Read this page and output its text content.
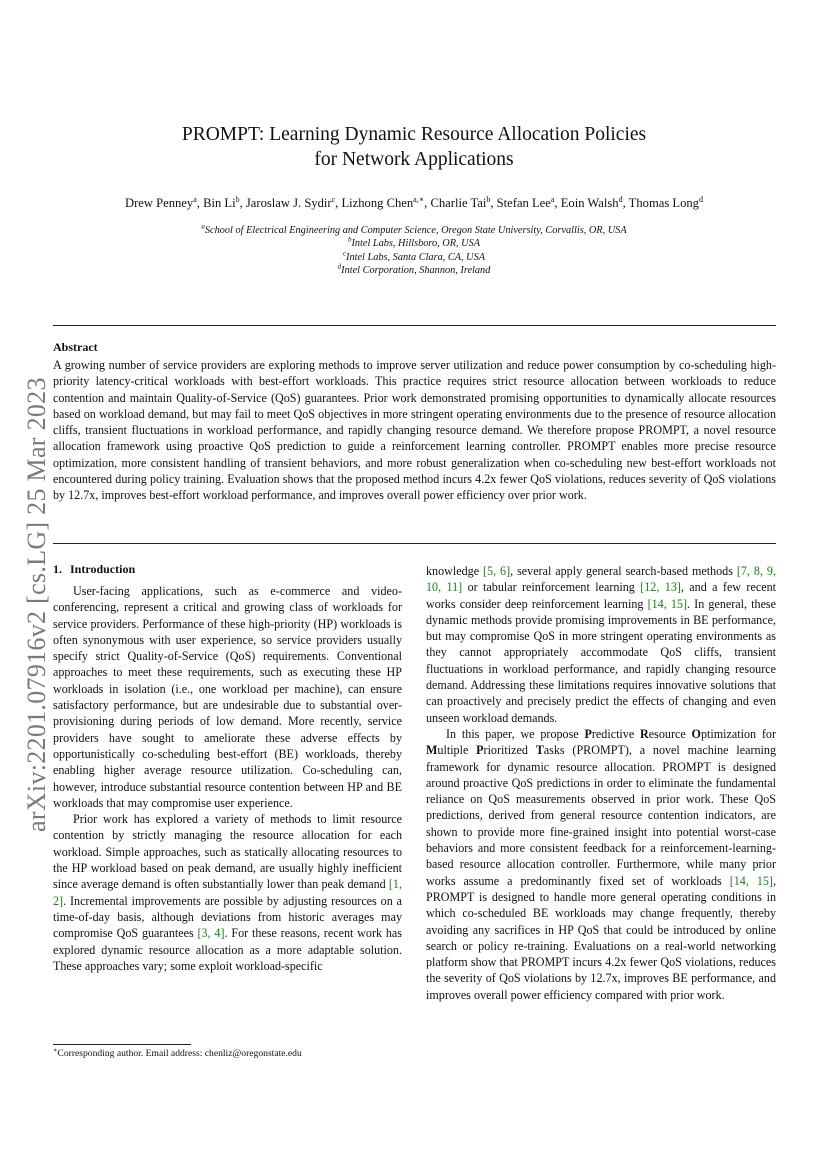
arXiv:2201.07916v2 [cs.LG] 25 Mar 2023
PROMPT: Learning Dynamic Resource Allocation Policies
for Network Applications
Drew Penney$^a$, Bin Li$^b$, Jaroslaw J. Sydir$^c$, Lizhong Chen$^{a,∗}$, Charlie Tai$^b$, Stefan Lee$^a$, Eoin Walsh$^d$, Thomas Long$^d$
$^a$School of Electrical Engineering and Computer Science, Oregon State University, Corvallis, OR, USA
$^b$Intel Labs, Hillsboro, OR, USA
$^c$Intel Labs, Santa Clara, CA, USA
$^d$Intel Corporation, Shannon, Ireland
Abstract
A growing number of service providers are exploring methods to improve server utilization and reduce power consumption by co-scheduling high-priority latency-critical workloads with best-effort workloads. This practice requires strict resource allocation between workloads to reduce contention and maintain Quality-of-Service (QoS) guarantees. Prior work demonstrated promising opportunities to dynamically allocate resources based on workload demand, but may fail to meet QoS objectives in more stringent operating environments due to the presence of resource allocation cliffs, transient fluctuations in workload performance, and rapidly changing resource demand. We therefore propose PROMPT, a novel resource allocation framework using proactive QoS prediction to guide a reinforcement learning controller. PROMPT enables more precise resource optimization, more consistent handling of transient behaviors, and more robust generalization when co-scheduling new best-effort workloads not encountered during policy training. Evaluation shows that the proposed method incurs 4.2x fewer QoS violations, reduces severity of QoS violations by 12.7x, improves best-effort workload performance, and improves overall power efficiency over prior work.
1. Introduction

User-facing applications, such as e-commerce and video-conferencing, represent a critical and growing class of workloads for service providers. Performance of these high-priority (HP) workloads is often synonymous with user experience, so service providers usually specify strict Quality-of-Service (QoS) requirements. Conventional approaches to meet these requirements, such as executing these HP workloads in isolation (i.e., one workload per machine), can ensure satisfactory performance, but are undesirable due to substantial over-provisioning during periods of low demand. More recently, service providers have sought to ameliorate these adverse effects by opportunistically co-scheduling best-effort (BE) workloads, thereby enabling higher average resource utilization. Co-scheduling can, however, introduce substantial resource contention between HP and BE workloads that may compromise user experience.

Prior work has explored a variety of methods to limit resource contention by strictly managing the resource allocation for each workload. Simple approaches, such as statically allocating resources to the HP workload based on peak demand, are usually highly inefficient since average demand is often substantially lower than peak demand [1, 2]. Incremental improvements are possible by adjusting resources on a time-of-day basis, although deviations from historic averages may compromise QoS guarantees [3, 4]. For these reasons, recent work has explored dynamic resource allocation as a more adaptable solution. These approaches vary; some exploit workload-specific

knowledge [5, 6], several apply general search-based methods [7, 8, 9, 10, 11] or tabular reinforcement learning [12, 13], and a few recent works consider deep reinforcement learning [14, 15]. In general, these dynamic methods provide promising improvements in BE performance, but may compromise QoS in more stringent operating environments as they cannot appropriately accommodate QoS cliffs, transient fluctuations in workload performance, and rapidly changing resource demand. Addressing these limitations requires innovative solutions that can proactively and precisely predict the effects of changing and even unseen workload demands.

In this paper, we propose Predictive Resource Optimization for Multiple Prioritized Tasks (PROMPT), a novel machine learning framework for dynamic resource allocation. PROMPT is designed around proactive QoS predictions in order to eliminate the fundamental reliance on QoS measurements observed in prior work. These QoS predictions, derived from general resource contention indicators, are shown to provide more fine-grained insight into potential worst-case behaviors and more consistent feedback for a reinforcement-learning-based resource allocation controller. Furthermore, while many prior works assume a predominantly fixed set of workloads [14, 15], PROMPT is designed to handle more general operating conditions in which co-scheduled BE workloads may change frequently, thereby avoiding any sacrifices in HP QoS that could be introduced by online search or policy re-training. Evaluations on a real-world networking platform show that PROMPT incurs 4.2x fewer QoS violations, reduces the severity of QoS violations by 12.7x, improves BE performance, and improves overall power efficiency compared with prior work.

∗Corresponding author. Email address: chenliz@oregonstate.edu
